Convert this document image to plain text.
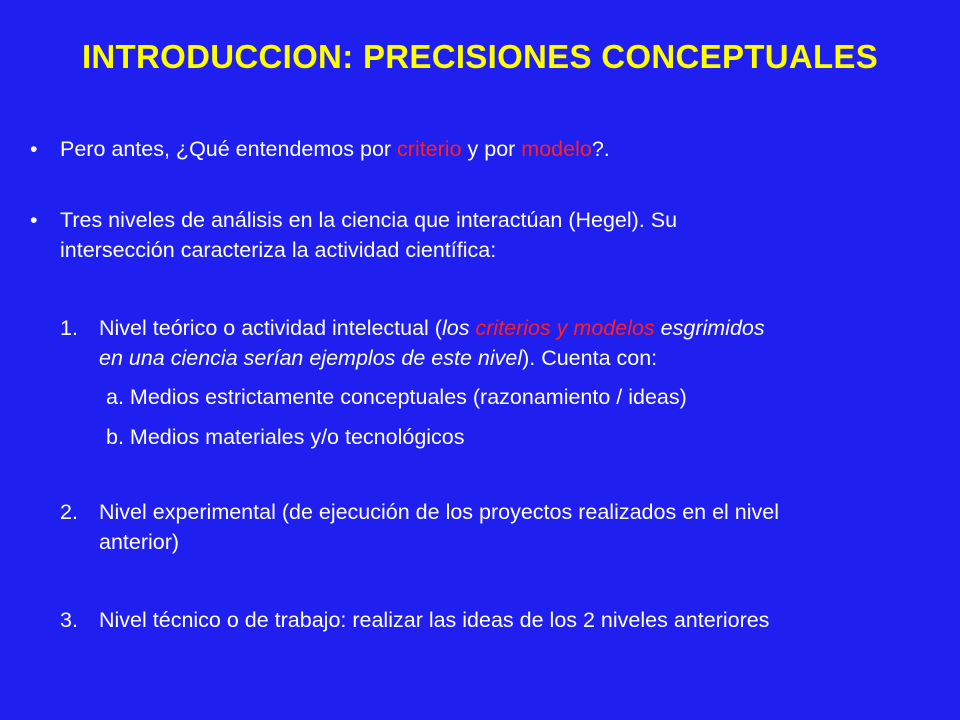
INTRODUCCION: PRECISIONES CONCEPTUALES
• Pero antes, ¿Qué entendemos por criterio y por modelo?.
• Tres niveles de análisis en la ciencia que interactúan (Hegel). Su
intersección caracteriza la actividad científica:
1. Nivel teórico o actividad intelectual (los criterios y modelos esgrimidos
en una ciencia serían ejemplos de este nivel). Cuenta con:
a. Medios estrictamente conceptuales (razonamiento / ideas)
b. Medios materiales y/o tecnológicos
2. Nivel experimental (de ejecución de los proyectos realizados en el nivel
anterior)
3. Nivel técnico o de trabajo: realizar las ideas de los 2 niveles anteriores
